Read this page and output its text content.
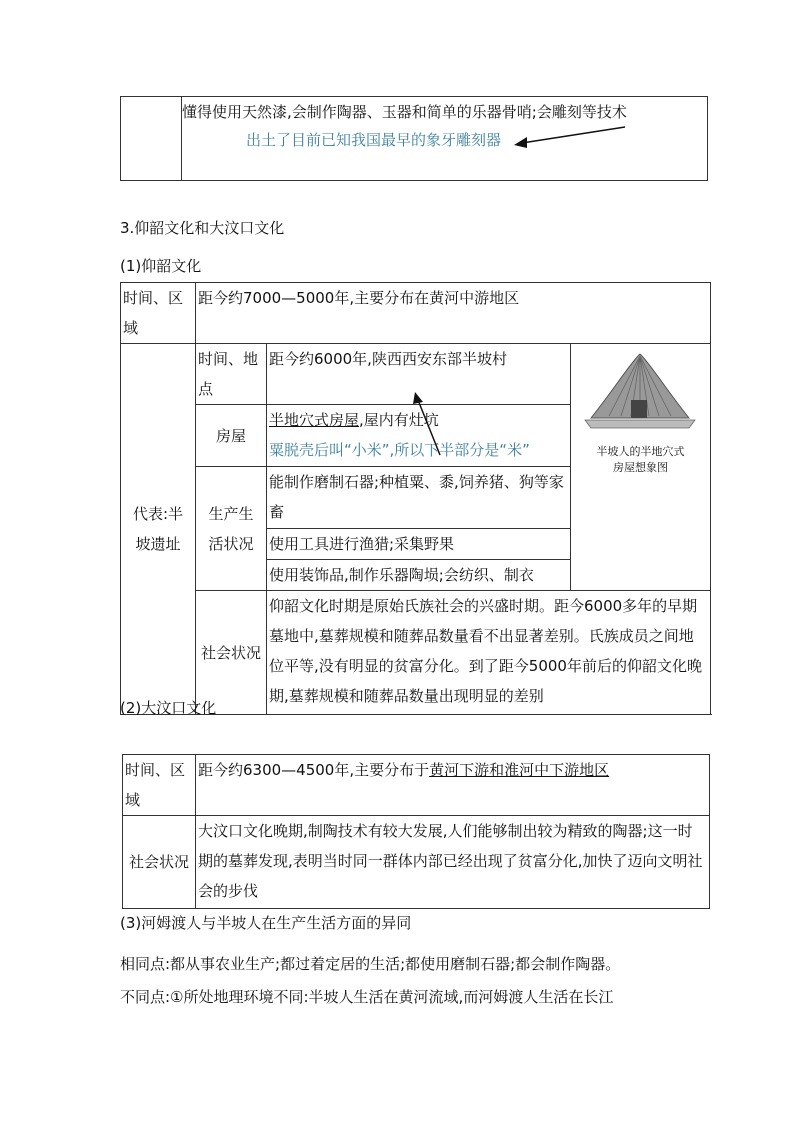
懂得使用天然漆,会制作陶器、玉器和简单的乐器骨哨;会雕刻等技术
出土了目前已知我国最早的象牙雕刻器
3.仰韶文化和大汶口文化
(1)仰韶文化
时间、区域	距今约7000—5000年,主要分布在黄河中游地区			

代表:半坡遗址	时间、地点	距今约6000年,陕西西安东部半坡村	半坡人的半地穴式
房屋想象图	

	房屋	半地穴式房屋,屋内有灶坑
粟脱壳后叫“小米”,所以下半部分是“米”		

	生产生活状况	能制作磨制石器;种植粟、黍,饲养猪、狗等家畜		
		使用工具进行渔猎;采集野果		
		使用装饰品,制作乐器陶埙;会纺织、制衣		
	社会状况	仰韶文化时期是原始氏族社会的兴盛时期。距今6000多年的早期墓地中,墓葬规模和随葬品数量看不出显著差别。氏族成员之间地位平等,没有明显的贫富分化。到了距今5000年前后的仰韶文化晚期,墓葬规模和随葬品数量出现明显的差别		
(2)大汶口文化
时间、区域	距今约6300—4500年,主要分布于黄河下游和淮河中下游地区
社会状况	大汶口文化晚期,制陶技术有较大发展,人们能够制出较为精致的陶器;这一时期的墓葬发现,表明当时同一群体内部已经出现了贫富分化,加快了迈向文明社会的步伐
(3)河姆渡人与半坡人在生产生活方面的异同
相同点:都从事农业生产;都过着定居的生活;都使用磨制石器;都会制作陶器。
不同点:①所处地理环境不同:半坡人生活在黄河流域,而河姆渡人生活在长江
